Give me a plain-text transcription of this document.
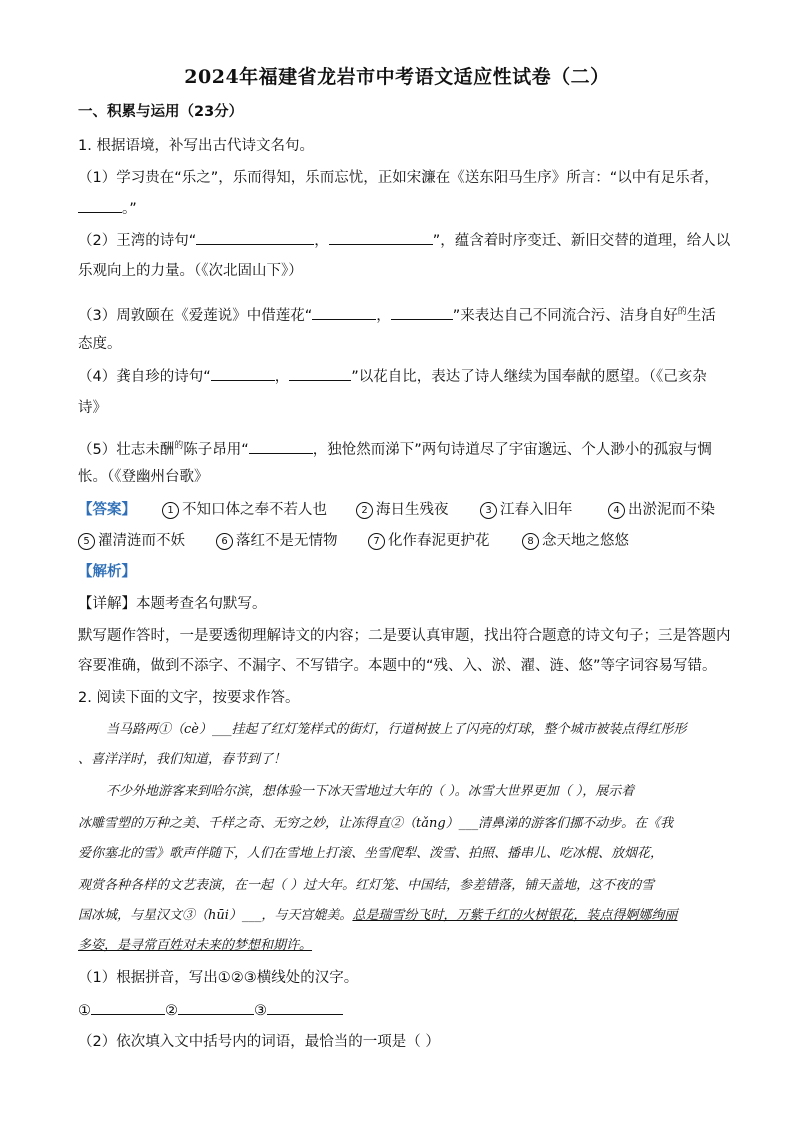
2024年福建省龙岩市中考语文适应性试卷（二）
一、积累与运用（23分）
1. 根据语境，补写出古代诗文名句。
（1）学习贵在“乐之”，乐而得知，乐而忘忧，正如宋濂在《送东阳马生序》所言：“以中有足乐者，
。”
（2）王湾的诗句“	，	”，蕴含着时序变迁、新旧交替的道理，给人以
乐观向上的力量。（《次北固山下》）
（3）周敦颐在《爱莲说》中借莲花“	，	”来表达自己不同流合污、洁身自好$^的$生活
态度。
（4）龚自珍的诗句“	，	”以花自比，表达了诗人继续为国奉献的愿望。（《己亥杂
诗》
（5）壮志未酬$^的$陈子昂用“	，独怆然而涕下”两句诗道尽了宇宙邈远、个人渺小的孤寂与惆
怅。（《登幽州台歌》
【答案】	1 不知口体之奉不若人也	2 海日生残夜	3 江春入旧年	4 出淤泥而不染
5 濯清涟而不妖	6 落红不是无情物	7 化作春泥更护花	8 念天地之悠悠
【解析】
【详解】本题考查名句默写。
默写题作答时，一是要透彻理解诗文的内容；二是要认真审题，找出符合题意的诗文句子；三是答题内
容要准确，做到不添字、不漏字、不写错字。本题中的“残、入、淤、濯、涟、悠”等字词容易写错。
2. 阅读下面的文字，按要求作答。
当马路两①（cè）___挂起了红灯笼样式的街灯，行道树披上了闪亮的灯球，整个城市被装点得红彤形
、喜洋洋时，我们知道，春节到了！
不少外地游客来到哈尔滨，想体验一下冰天雪地过大年的（ ）。冰雪大世界更加（ ），展示着
冰雕雪塑的万种之美、千样之奇、无穷之妙，让冻得直②（tǎng）___清鼻涕的游客们挪不动步。在《我
爱你塞北的雪》歌声伴随下，人们在雪地上打滚、坐雪爬犁、泼雪、拍照、播串儿、吃冰棍、放烟花，
观赏各种各样的文艺表演，在一起（ ）过大年。红灯笼、中国结，参差错落，铺天盖地，这不夜的雪
国冰城，与星汉文③（hūi）___，与天宫媲美。总是瑞雪纷飞时，万紫千红的火树银花，装点得婀娜绚丽
多姿，是寻常百姓对未来的梦想和期许。
（1）根据拼音，写出①②③横线处的汉字。
①	②	③
（2）依次填入文中括号内的词语，最恰当的一项是（ ）
